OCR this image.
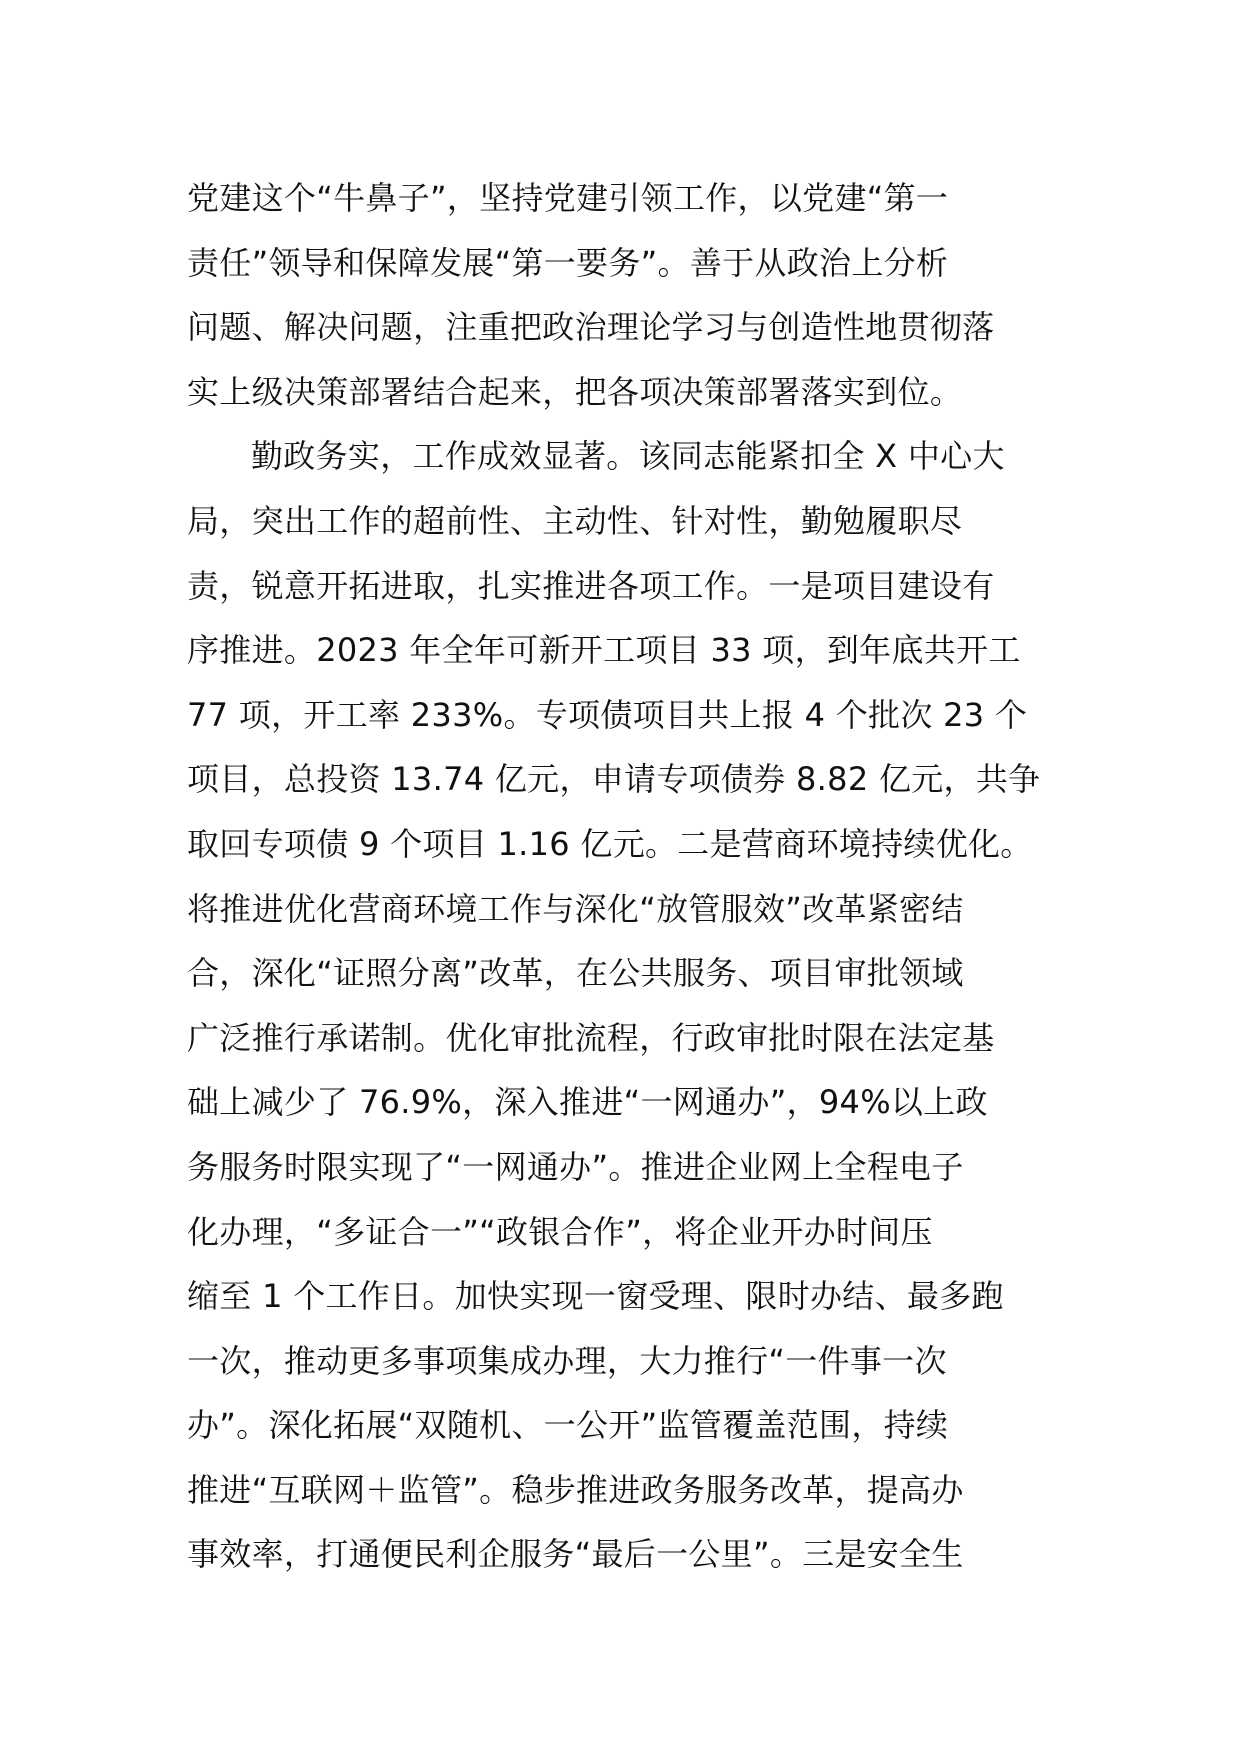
党建这个“牛鼻子”，坚持党建引领工作，以党建“第一
责任”领导和保障发展“第一要务”。善于从政治上分析
问题、解决问题，注重把政治理论学习与创造性地贯彻落
实上级决策部署结合起来，把各项决策部署落实到位。
勤政务实，工作成效显著。该同志能紧扣全 X 中心大
局，突出工作的超前性、主动性、针对性，勤勉履职尽
责，锐意开拓进取，扎实推进各项工作。一是项目建设有
序推进。2023 年全年可新开工项目 33 项，到年底共开工
77 项，开工率 233%。专项债项目共上报 4 个批次 23 个
项目，总投资 13.74 亿元，申请专项债券 8.82 亿元，共争
取回专项债 9 个项目 1.16 亿元。二是营商环境持续优化。
将推进优化营商环境工作与深化“放管服效”改革紧密结
合，深化“证照分离”改革，在公共服务、项目审批领域
广泛推行承诺制。优化审批流程，行政审批时限在法定基
础上减少了 76.9%，深入推进“一网通办”，94%以上政
务服务时限实现了“一网通办”。推进企业网上全程电子
化办理，“多证合一”“政银合作”，将企业开办时间压
缩至 1 个工作日。加快实现一窗受理、限时办结、最多跑
一次，推动更多事项集成办理，大力推行“一件事一次
办”。深化拓展“双随机、一公开”监管覆盖范围，持续
推进“互联网＋监管”。稳步推进政务服务改革，提高办
事效率，打通便民利企服务“最后一公里”。三是安全生
